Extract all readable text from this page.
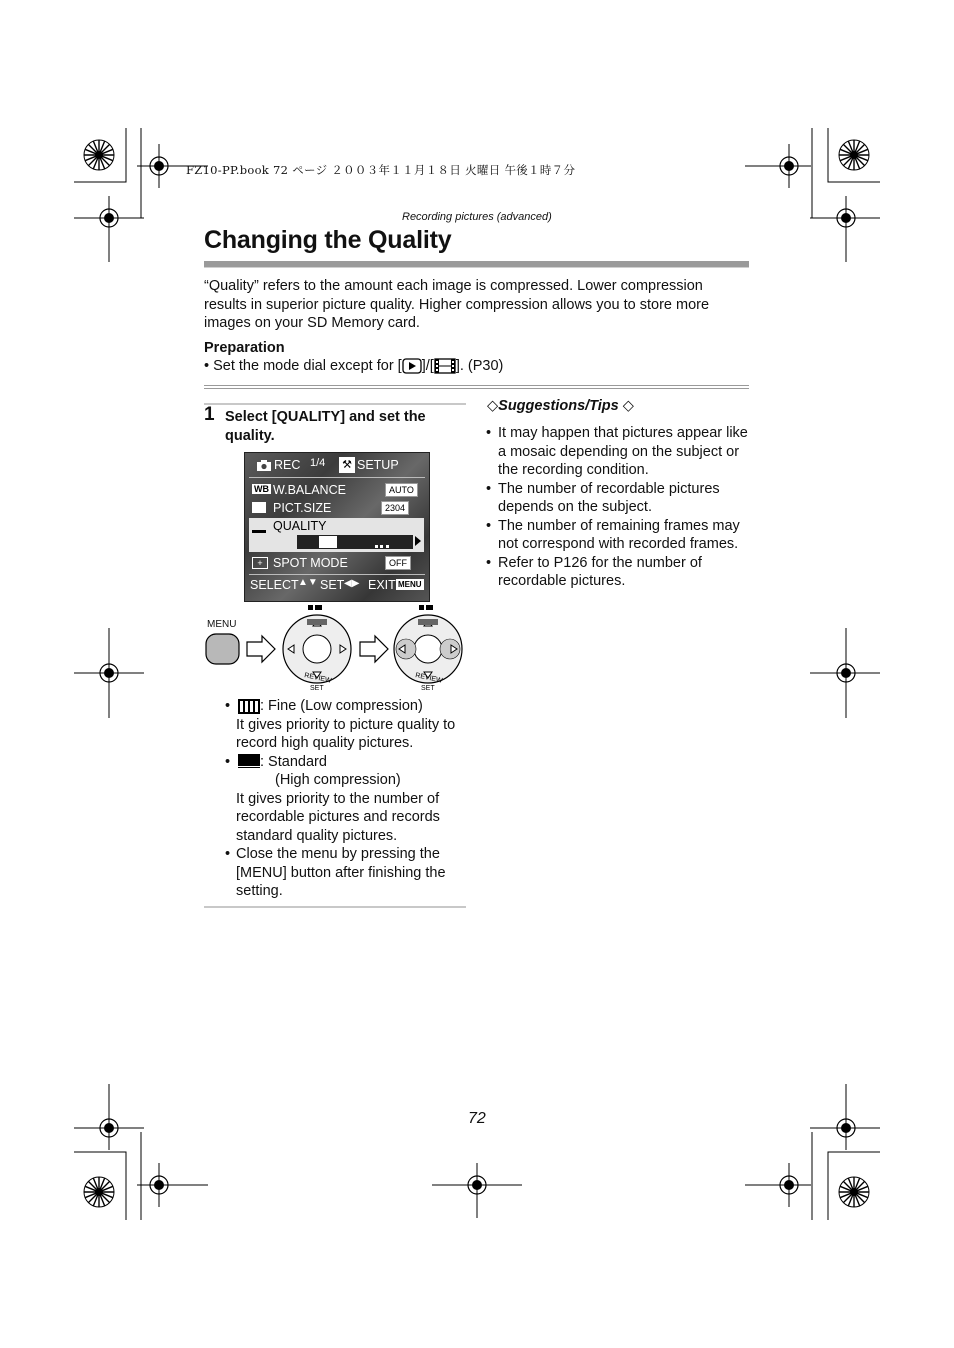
FZ10-PP.book 72 ページ ２００３年１１月１８日 火曜日 午後１時７分
Recording pictures (advanced)
Changing the Quality
“Quality” refers to the amount each image is compressed. Lower compression results in superior picture quality. Higher compression allows you to store more images on your SD Memory card.
Preparation
• Set the mode dial except for [ ]/[ ]. (P30)
1 Select [QUALITY] and set the quality.
REC 1/4 ⚒ SETUP
WB W.BALANCE	AUTO
PICT.SIZE	2304
QUALITY
+ SPOT MODE	OFF
SELECT ▲▼ SET ◀▶ EXIT MENU
MENU
REVIEW
SET
REVIEW
SET
• : Fine (Low compression)
It gives priority to picture quality to record high quality pictures.
• : Standard
(High compression)
It gives priority to the number of recordable pictures and records standard quality pictures.
• Close the menu by pressing the [MENU] button after finishing the setting.
◇Suggestions/Tips ◇
• It may happen that pictures appear like a mosaic depending on the subject or the recording condition.
• The number of recordable pictures depends on the subject.
• The number of remaining frames may not correspond with recorded frames.
• Refer to P126 for the number of recordable pictures.
72
